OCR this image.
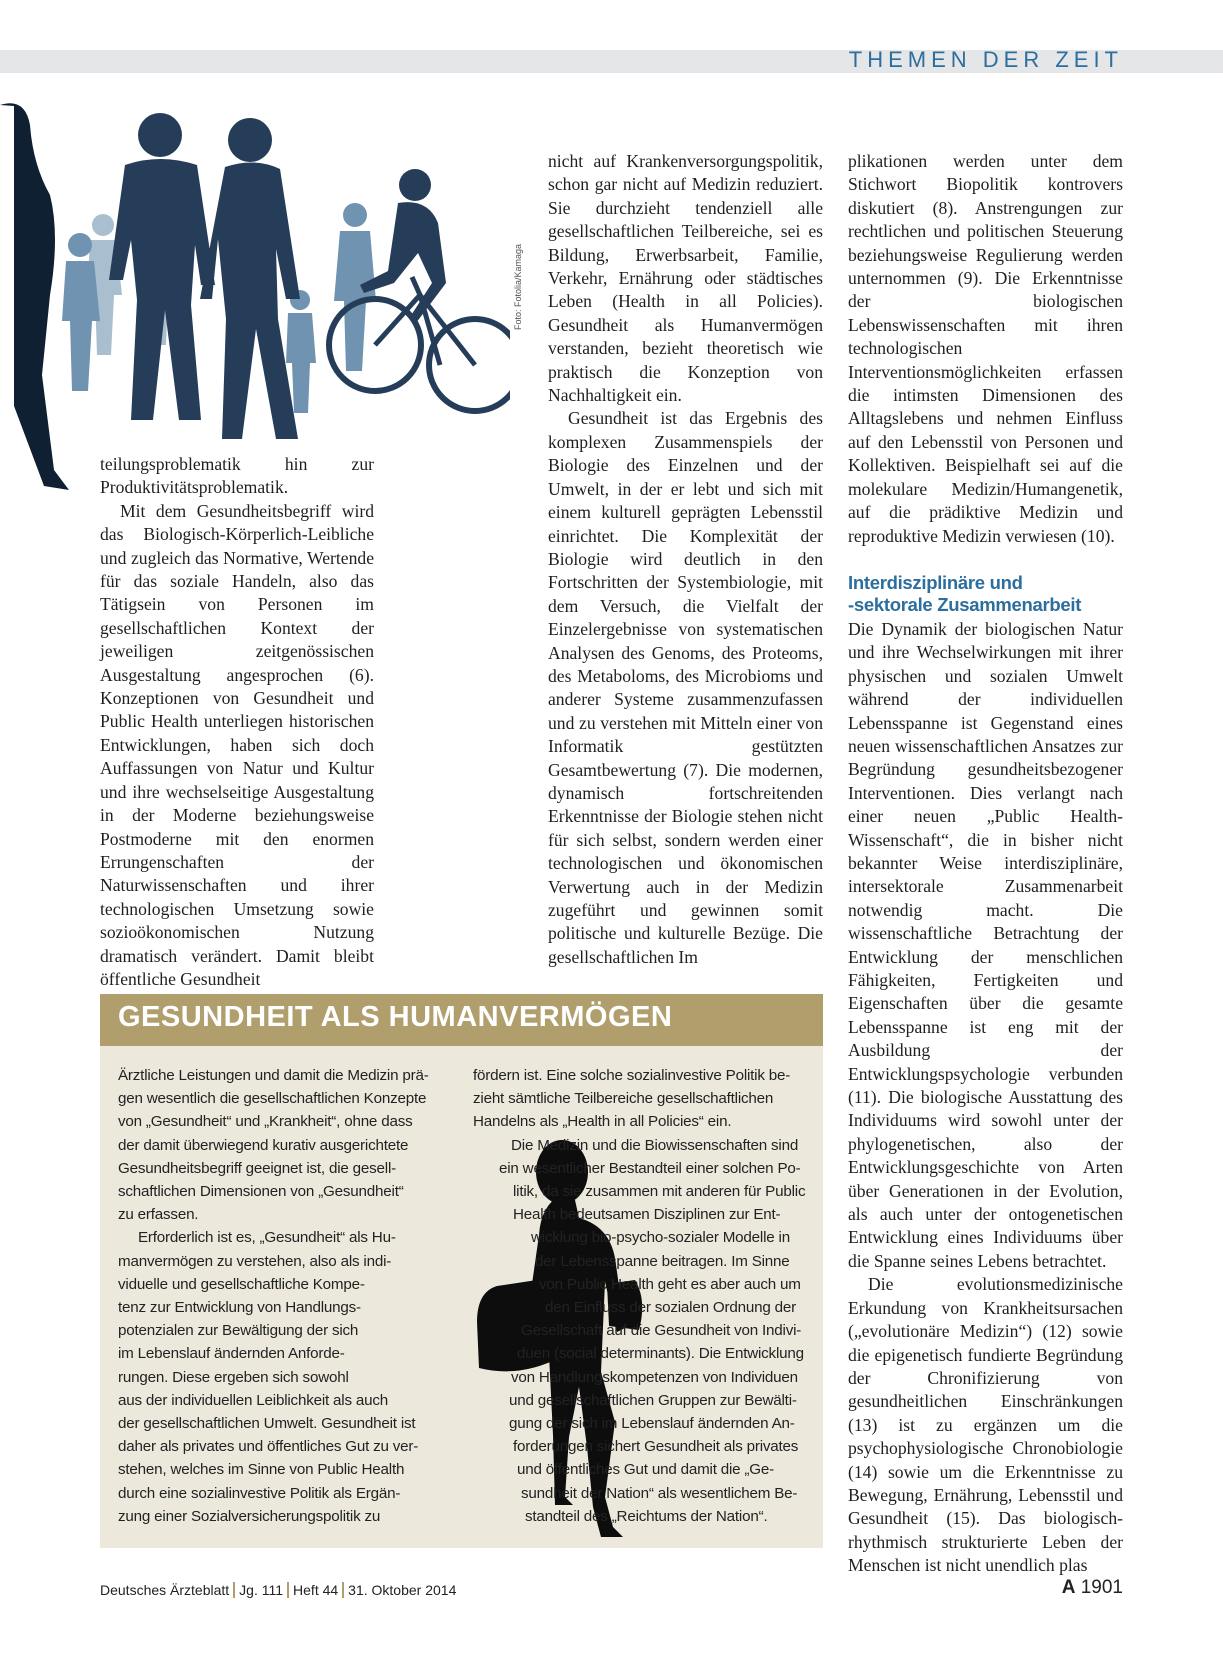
THEMEN DER ZEIT
Foto: Fotolia/Kamaga

teilungsproblematik hin zur Produktivitätsproblematik.

Mit dem Gesundheitsbegriff wird das Biologisch-Körperlich-Leibliche und zugleich das Normative, Wertende für das soziale Handeln, also das Tätigsein von Personen im gesellschaftlichen Kontext der jeweiligen zeitgenössischen Ausgestaltung angesprochen (6). Konzeptionen von Gesundheit und Public Health unterliegen historischen Entwicklungen, haben sich doch Auffassungen von Natur und Kultur und ihre wechselseitige Ausgestaltung in der Moderne beziehungsweise Postmoderne mit den enormen Errungenschaften der Naturwissenschaften und ihrer technologischen Umsetzung sowie sozioökonomischen Nutzung dramatisch verändert. Damit bleibt öffentliche Gesundheit

nicht auf Krankenversorgungspolitik, schon gar nicht auf Medizin reduziert. Sie durchzieht tendenziell alle gesellschaftlichen Teilbereiche, sei es Bildung, Erwerbsarbeit, Familie, Verkehr, Ernährung oder städtisches Leben (Health in all Policies). Gesundheit als Humanvermögen verstanden, bezieht theoretisch wie praktisch die Konzeption von Nachhaltigkeit ein.

Gesundheit ist das Ergebnis des komplexen Zusammenspiels der Biologie des Einzelnen und der Umwelt, in der er lebt und sich mit einem kulturell geprägten Lebensstil einrichtet. Die Komplexität der Biologie wird deutlich in den Fortschritten der Systembiologie, mit dem Versuch, die Vielfalt der Einzelergebnisse von systematischen Analysen des Genoms, des Proteoms, des Metaboloms, des Microbioms und anderer Systeme zusammenzufassen und zu verstehen mit Mitteln einer von Informatik gestützten Gesamtbewertung (7). Die modernen, dynamisch fortschreitenden Erkenntnisse der Biologie stehen nicht für sich selbst, sondern werden einer technologischen und ökonomischen Verwertung auch in der Medizin zugeführt und gewinnen somit politische und kulturelle Bezüge. Die gesellschaftlichen Im

plikationen werden unter dem Stichwort Biopolitik kontrovers diskutiert (8). Anstrengungen zur rechtlichen und politischen Steuerung beziehungsweise Regulierung werden unternommen (9). Die Erkenntnisse der biologischen Lebenswissenschaften mit ihren technologischen Interventionsmöglichkeiten erfassen die intimsten Dimensionen des Alltagslebens und nehmen Einfluss auf den Lebensstil von Personen und Kollektiven. Beispielhaft sei auf die molekulare Medizin/Humangenetik, auf die prädiktive Medizin und reproduktive Medizin verwiesen (10).

Interdisziplinäre und
-sektorale Zusammenarbeit

Die Dynamik der biologischen Natur und ihre Wechselwirkungen mit ihrer physischen und sozialen Umwelt während der individuellen Lebensspanne ist Gegenstand eines neuen wissenschaftlichen Ansatzes zur Begründung gesundheitsbezogener Interventionen. Dies verlangt nach einer neuen „Public Health-Wissenschaft“, die in bisher nicht bekannter Weise interdisziplinäre, intersektorale Zusammenarbeit notwendig macht. Die wissenschaftliche Betrachtung der Entwicklung der menschlichen Fähigkeiten, Fertigkeiten und Eigenschaften über die gesamte Lebensspanne ist eng mit der Ausbildung der Entwicklungspsychologie verbunden (11). Die biologische Ausstattung des Individuums wird sowohl unter der phylogenetischen, also der Entwicklungsgeschichte von Arten über Generationen in der Evolution, als auch unter der ontogenetischen Entwicklung eines Individuums über die Spanne seines Lebens betrachtet.

Die evolutionsmedizinische Erkundung von Krankheitsursachen („evolutionäre Medizin“) (12) sowie die epigenetisch fundierte Begründung der Chronifizierung von gesundheitlichen Einschränkungen (13) ist zu ergänzen um die psychophysiologische Chronobiologie (14) sowie um die Erkenntnisse zu Bewegung, Ernährung, Lebensstil und Gesundheit (15). Das biologisch-rhythmisch strukturierte Leben der Menschen ist nicht unendlich plas

GESUNDHEIT ALS HUMANVERMÖGEN

Ärztliche Leistungen und damit die Medizin prä-
gen wesentlich die gesellschaftlichen Konzepte
von „Gesundheit“ und „Krankheit“, ohne dass
der damit überwiegend kurativ ausgerichtete
Gesundheitsbegriff geeignet ist, die gesell-
schaftlichen Dimensionen von „Gesundheit“
zu erfassen.

Erforderlich ist es, „Gesundheit“ als Hu-

manvermögen zu verstehen, also als indi-
viduelle und gesellschaftliche Kompe-
tenz zur Entwicklung von Handlungs-
potenzialen zur Bewältigung der sich
im Lebenslauf ändernden Anforde-
rungen. Diese ergeben sich sowohl
aus der individuellen Leiblichkeit als auch
der gesellschaftlichen Umwelt. Gesundheit ist
daher als privates und öffentliches Gut zu ver-
stehen, welches im Sinne von Public Health
durch eine sozialinvestive Politik als Ergän-
zung einer Sozialversicherungspolitik zu

fördern ist. Eine solche sozialinvestive Politik be-
zieht sämtliche Teilbereiche gesellschaftlichen
Handelns als „Health in all Policies“ ein.

Die Medizin und die Biowissenschaften sind
ein wesentlicher Bestandteil einer solchen Po-
litik, da sie zusammen mit anderen für Public
Health bedeutsamen Disziplinen zur Ent-
wicklung bio-psycho-sozialer Modelle in
der Lebensspanne beitragen. Im Sinne
von Public Health geht es aber auch um
den Einfluss der sozialen Ordnung der
Gesellschaft auf die Gesundheit von Indivi-
duen (social determinants). Die Entwicklung
von Handlungskompetenzen von Individuen
und gesellschaftlichen Gruppen zur Bewälti-
gung der sich im Lebenslauf ändernden An-
forderungen sichert Gesundheit als privates
und öffentliches Gut und damit die „Ge-
sundheit der Nation“ als wesentlichem Be-
standteil des „Reichtums der Nation“.

Deutsches Ärzteblatt Jg. 111 Heft 44 31. Oktober 2014	A 1901
